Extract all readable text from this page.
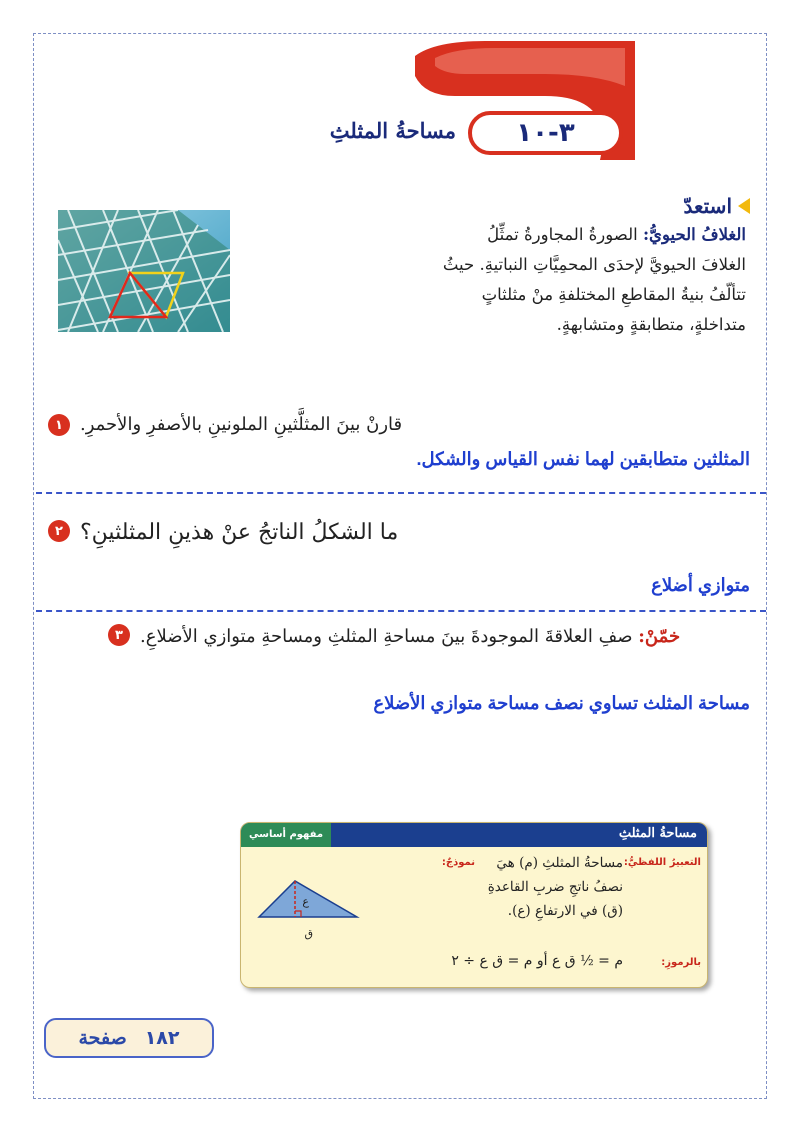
٣-١٠
مساحةُ المثلثِ
استعدّ
الغلافُ الحيويُّ: الصورةُ المجاورةُ تمثِّلُ الغلافَ الحيويَّ لإحدَى المحمِيَّاتِ النباتيةِ. حيثُ تتألّفُ بنيةُ المقاطعِ المختلفةِ منْ مثلثاتٍ متداخلةٍ، متطابقةٍ ومتشابهةٍ.
١ قارنْ بينَ المثلَّثينِ الملونينِ بالأصفرِ والأحمرِ.
المثلثين متطابقين لهما نفس القياس والشكل.
٢ ما الشكلُ الناتجُ عنْ هذينِ المثلثينِ؟
متوازي أضلاع
٣	خمّنْ: صفِ العلاقةَ الموجودةَ بينَ مساحةِ المثلثِ ومساحةِ متوازي الأضلاعِ.
مساحة المثلث تساوي نصف مساحة متوازي الأضلاع
مساحةُ المثلثِ
مفهوم أساسي
التعبيرُ اللفظيُّ:
مساحةُ المثلثِ (م) هيَ نصفُ ناتجِ ضربِ القاعدةِ (ق) في الارتفاعِ (ع).
نموذجٌ:
بالرموزِ:
م = ½ ق ع أو م = ق ع ÷ ٢
ع
ق
صفحة ١٨٢
